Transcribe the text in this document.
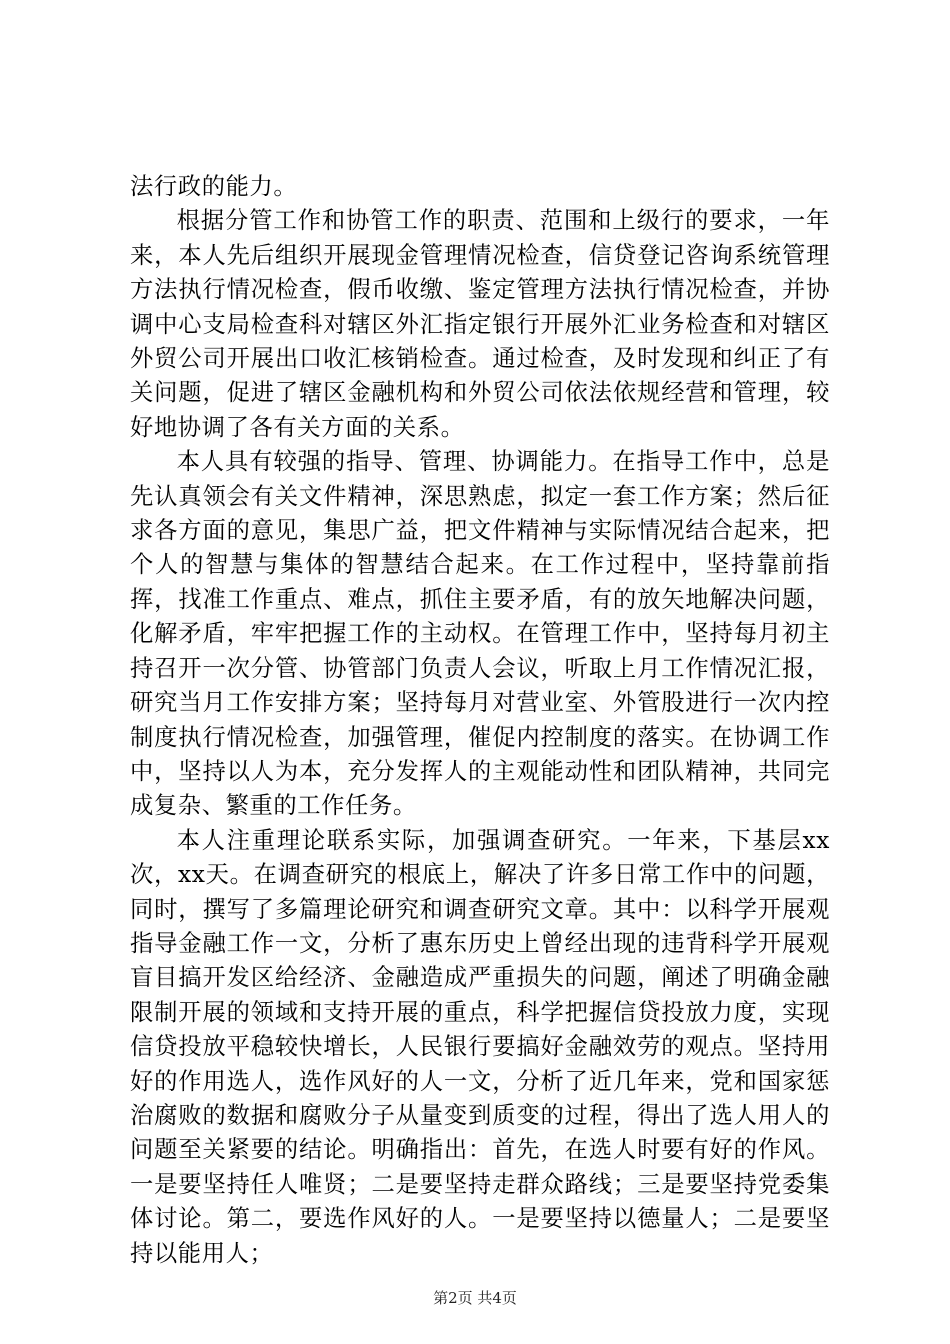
法行政的能力。

根据分管工作和协管工作的职责、范围和上级行的要求，一年来，本人先后组织开展现金管理情况检查，信贷登记咨询系统管理方法执行情况检查，假币收缴、鉴定管理方法执行情况检查，并协调中心支局检查科对辖区外汇指定银行开展外汇业务检查和对辖区外贸公司开展出口收汇核销检查。通过检查，及时发现和纠正了有关问题，促进了辖区金融机构和外贸公司依法依规经营和管理，较好地协调了各有关方面的关系。

本人具有较强的指导、管理、协调能力。在指导工作中，总是先认真领会有关文件精神，深思熟虑，拟定一套工作方案；然后征求各方面的意见，集思广益，把文件精神与实际情况结合起来，把个人的智慧与集体的智慧结合起来。在工作过程中，坚持靠前指挥，找准工作重点、难点，抓住主要矛盾，有的放矢地解决问题，化解矛盾，牢牢把握工作的主动权。在管理工作中，坚持每月初主持召开一次分管、协管部门负责人会议，听取上月工作情况汇报，研究当月工作安排方案；坚持每月对营业室、外管股进行一次内控制度执行情况检查，加强管理，催促内控制度的落实。在协调工作中，坚持以人为本，充分发挥人的主观能动性和团队精神，共同完成复杂、繁重的工作任务。

本人注重理论联系实际，加强调查研究。一年来，下基层xx次，xx天。在调查研究的根底上，解决了许多日常工作中的问题，同时，撰写了多篇理论研究和调查研究文章。其中：以科学开展观指导金融工作一文，分析了惠东历史上曾经出现的违背科学开展观盲目搞开发区给经济、金融造成严重损失的问题，阐述了明确金融限制开展的领域和支持开展的重点，科学把握信贷投放力度，实现信贷投放平稳较快增长，人民银行要搞好金融效劳的观点。坚持用好的作用选人，选作风好的人一文，分析了近几年来，党和国家惩治腐败的数据和腐败分子从量变到质变的过程，得出了选人用人的问题至关紧要的结论。明确指出：首先，在选人时要有好的作风。一是要坚持任人唯贤；二是要坚持走群众路线；三是要坚持党委集体讨论。第二，要选作风好的人。一是要坚持以德量人；二是要坚持以能用人；

第2页 共4页
